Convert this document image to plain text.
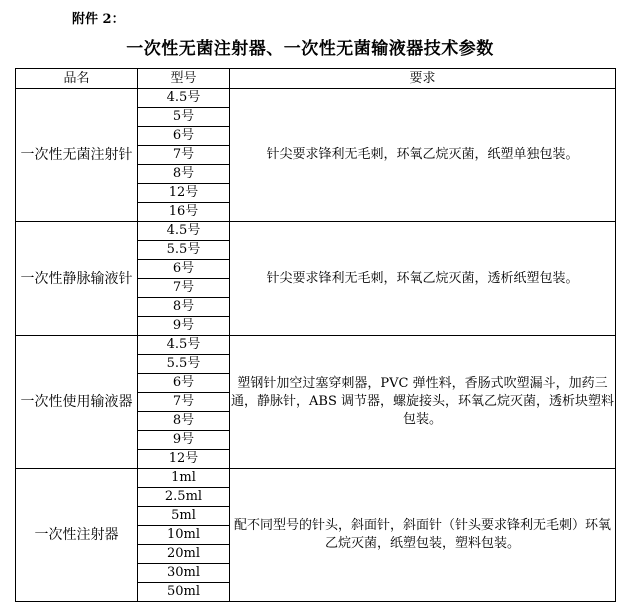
附件 2：
一次性无菌注射器、一次性无菌输液器技术参数
品名	型号	要求
一次性无菌注射针	4.5号	针尖要求锋利无毛刺，环氧乙烷灭菌，纸塑单独包装。
	5号	
	6号	
	7号	
	8号	
	12号	
	16号	
一次性静脉输液针	4.5号	针尖要求锋利无毛刺，环氧乙烷灭菌，透析纸塑包装。
	5.5号	
	6号	
	7号	
	8号	
	9号	
一次性使用输液器	4.5号	塑钢针加空过塞穿刺器，PVC 弹性料，香肠式吹塑漏斗，加药三通，静脉针，ABS 调节器，螺旋接头，环氧乙烷灭菌，透析块塑料包装。
	5.5号	
	6号	
	7号	
	8号	
	9号	
	12号	
一次性注射器	1ml	配不同型号的针头，斜面针，斜面针（针头要求锋利无毛刺）环氧乙烷灭菌，纸塑包装，塑料包装。
	2.5ml	
	5ml	
	10ml	
	20ml	
	30ml	
	50ml	
